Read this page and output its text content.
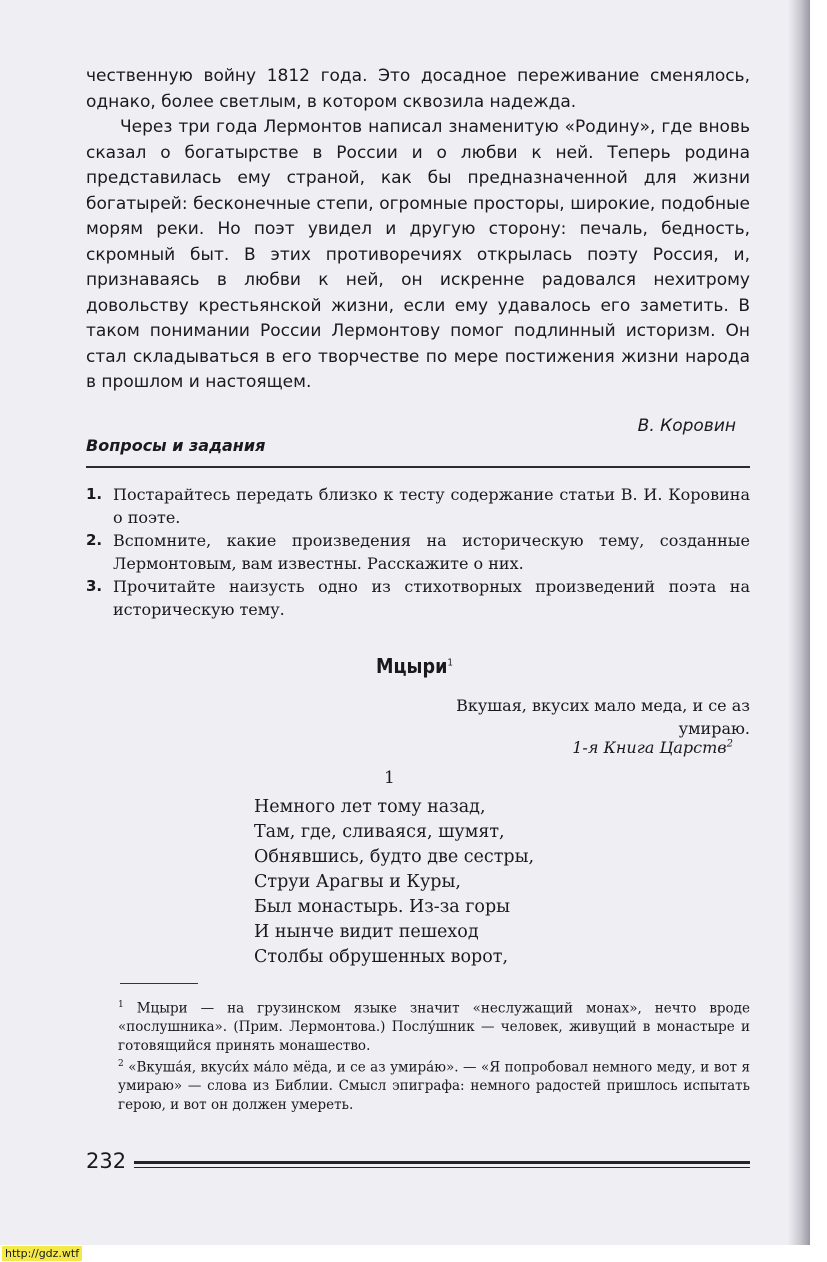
чественную войну 1812 года. Это досадное переживание сменялось, однако, более светлым, в котором сквозила надежда.

Через три года Лермонтов написал знаменитую «Родину», где вновь сказал о богатырстве в России и о любви к ней. Теперь родина представилась ему страной, как бы предназначенной для жизни богатырей: бесконечные степи, огромные просторы, широкие, подобные морям реки. Но поэт увидел и другую сторону: печаль, бедность, скромный быт. В этих противоречиях открылась поэту Россия, и, признаваясь в любви к ней, он искренне радовался нехитрому довольству крестьянской жизни, если ему удавалось его заметить. В таком понимании России Лермонтову помог подлинный историзм. Он стал складываться в его творчестве по мере постижения жизни народа в прошлом и настоящем.

В. Коровин
Вопросы и задания
1. Постарайтесь передать близко к тесту содержание статьи В. И. Коровина о поэте.
2. Вспомните, какие произведения на историческую тему, созданные Лермонтовым, вам известны. Расскажите о них.
3. Прочитайте наизусть одно из стихотворных произведений поэта на историческую тему.
Мцыри$^1$
Вкушая, вкусих мало меда, и се аз умираю.
1-я Книга Царств$^2$
1
Немного лет тому назад,
Там, где, сливаяся, шумят,
Обнявшись, будто две сестры,
Струи Арагвы и Куры,
Был монастырь. Из-за горы
И нынче видит пешеход
Столбы обрушенных ворот,

$^1$ Мцыри — на грузинском языке значит «неслужащий монах», нечто вроде «послушника». (Прим. Лермонтова.) Послу́шник — человек, живущий в монастыре и готовящийся принять монашество.

$^2$ «Вкуша́я, вкуси́х ма́ло мёда, и се аз умира́ю». — «Я попробовал немного меду, и вот я умираю» — слова из Библии. Смысл эпиграфа: немного радостей пришлось испытать герою, и вот он должен умереть.

232
http://gdz.wtf
